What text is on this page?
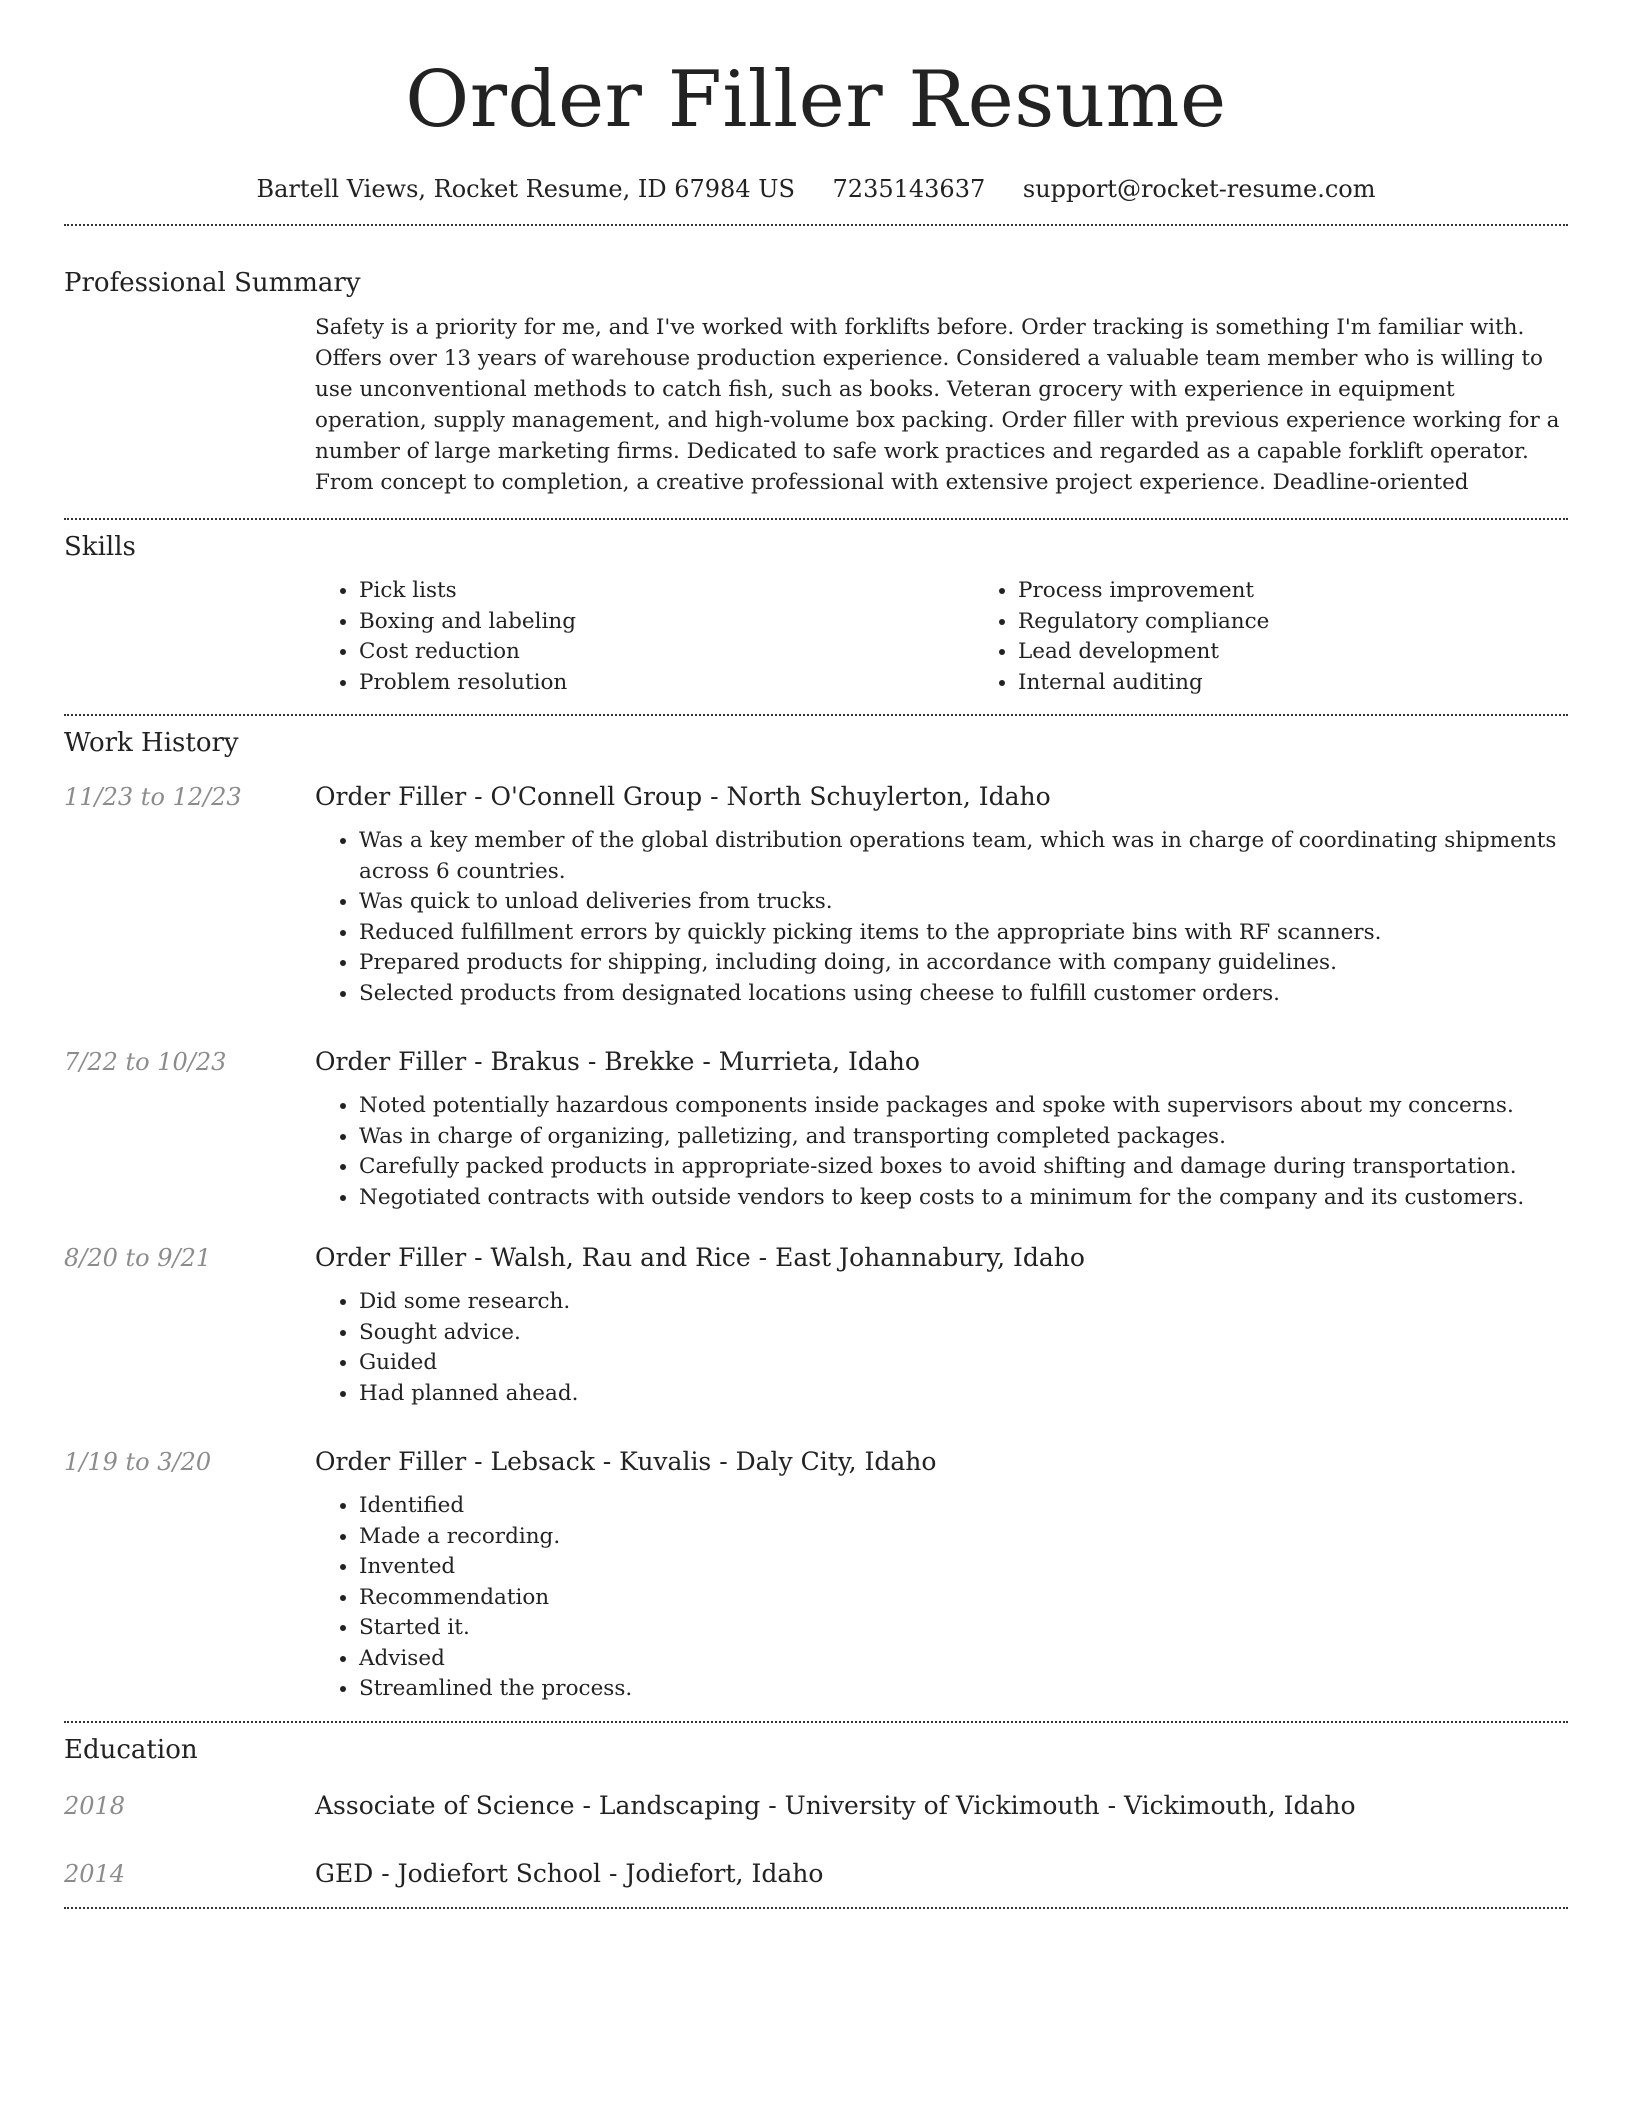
Order Filler Resume
Bartell Views, Rocket Resume, ID 67984 US 7235143637 support@rocket-resume.com
Professional Summary

Safety is a priority for me, and I've worked with forklifts before. Order tracking is something I'm familiar with. Offers over 13 years of warehouse production experience. Considered a valuable team member who is willing to use unconventional methods to catch fish, such as books. Veteran grocery with experience in equipment operation, supply management, and high-volume box packing. Order filler with previous experience working for a number of large marketing firms. Dedicated to safe work practices and regarded as a capable forklift operator. From concept to completion, a creative professional with extensive project experience. Deadline-oriented

Skills
• Pick lists
• Boxing and labeling
• Cost reduction
• Problem resolution
• Process improvement
• Regulatory compliance
• Lead development
• Internal auditing
Work History
11/23 to 12/23	Order Filler - O'Connell Group - North Schuylerton, Idaho
• Was a key member of the global distribution operations team, which was in charge of coordinating shipments across 6 countries.
• Was quick to unload deliveries from trucks.
• Reduced fulfillment errors by quickly picking items to the appropriate bins with RF scanners.
• Prepared products for shipping, including doing, in accordance with company guidelines.
• Selected products from designated locations using cheese to fulfill customer orders.
7/22 to 10/23	Order Filler - Brakus - Brekke - Murrieta, Idaho
• Noted potentially hazardous components inside packages and spoke with supervisors about my concerns.
• Was in charge of organizing, palletizing, and transporting completed packages.
• Carefully packed products in appropriate-sized boxes to avoid shifting and damage during transportation.
• Negotiated contracts with outside vendors to keep costs to a minimum for the company and its customers.
8/20 to 9/21	Order Filler - Walsh, Rau and Rice - East Johannabury, Idaho
• Did some research.
• Sought advice.
• Guided
• Had planned ahead.
1/19 to 3/20	Order Filler - Lebsack - Kuvalis - Daly City, Idaho
• Identified
• Made a recording.
• Invented
• Recommendation
• Started it.
• Advised
• Streamlined the process.
Education
2018	Associate of Science - Landscaping - University of Vickimouth - Vickimouth, Idaho
2014	GED - Jodiefort School - Jodiefort, Idaho
